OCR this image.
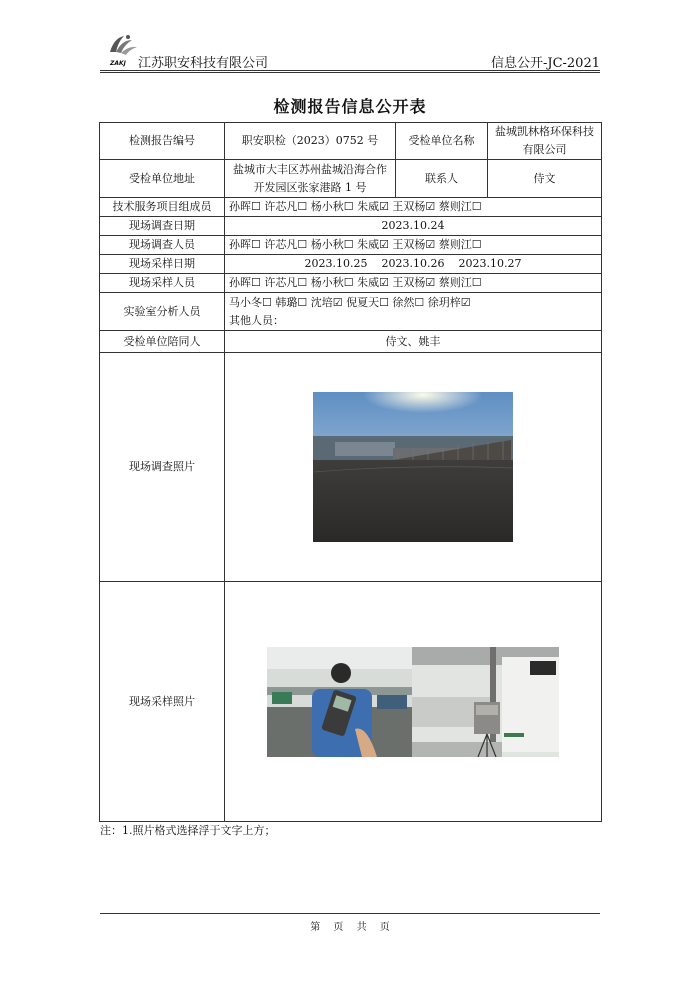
ZAKJ 江苏职安科技有限公司	信息公开-JC-2021
检测报告信息公开表
检测报告编号	职安职检（2023）0752 号	受检单位名称	盐城凯林格环保科技有限公司
受检单位地址	盐城市大丰区苏州盐城沿海合作开发园区张家港路 1 号	联系人	侍文
技术服务项目组成员	孙晖☐ 许芯凡☐ 杨小秋☐ 朱威☑ 王双杨☑ 蔡则江☐		
现场调查日期	2023.10.24		
现场调查人员	孙晖☐ 许芯凡☐ 杨小秋☐ 朱威☑ 王双杨☑ 蔡则江☐		
现场采样日期	2023.10.25    2023.10.26    2023.10.27		
现场采样人员	孙晖☐ 许芯凡☐ 杨小秋☐ 朱威☑ 王双杨☑ 蔡则江☐		
实验室分析人员	马小冬☐ 韩璐☐ 沈培☑ 倪夏天☐ 徐然☐ 徐玥梓☑
其他人员：		

受检单位陪同人	侍文、姚丰		
现场调查照片	

现场采样照片	
注：1.照片格式选择浮于文字上方；
第 页 共 页
